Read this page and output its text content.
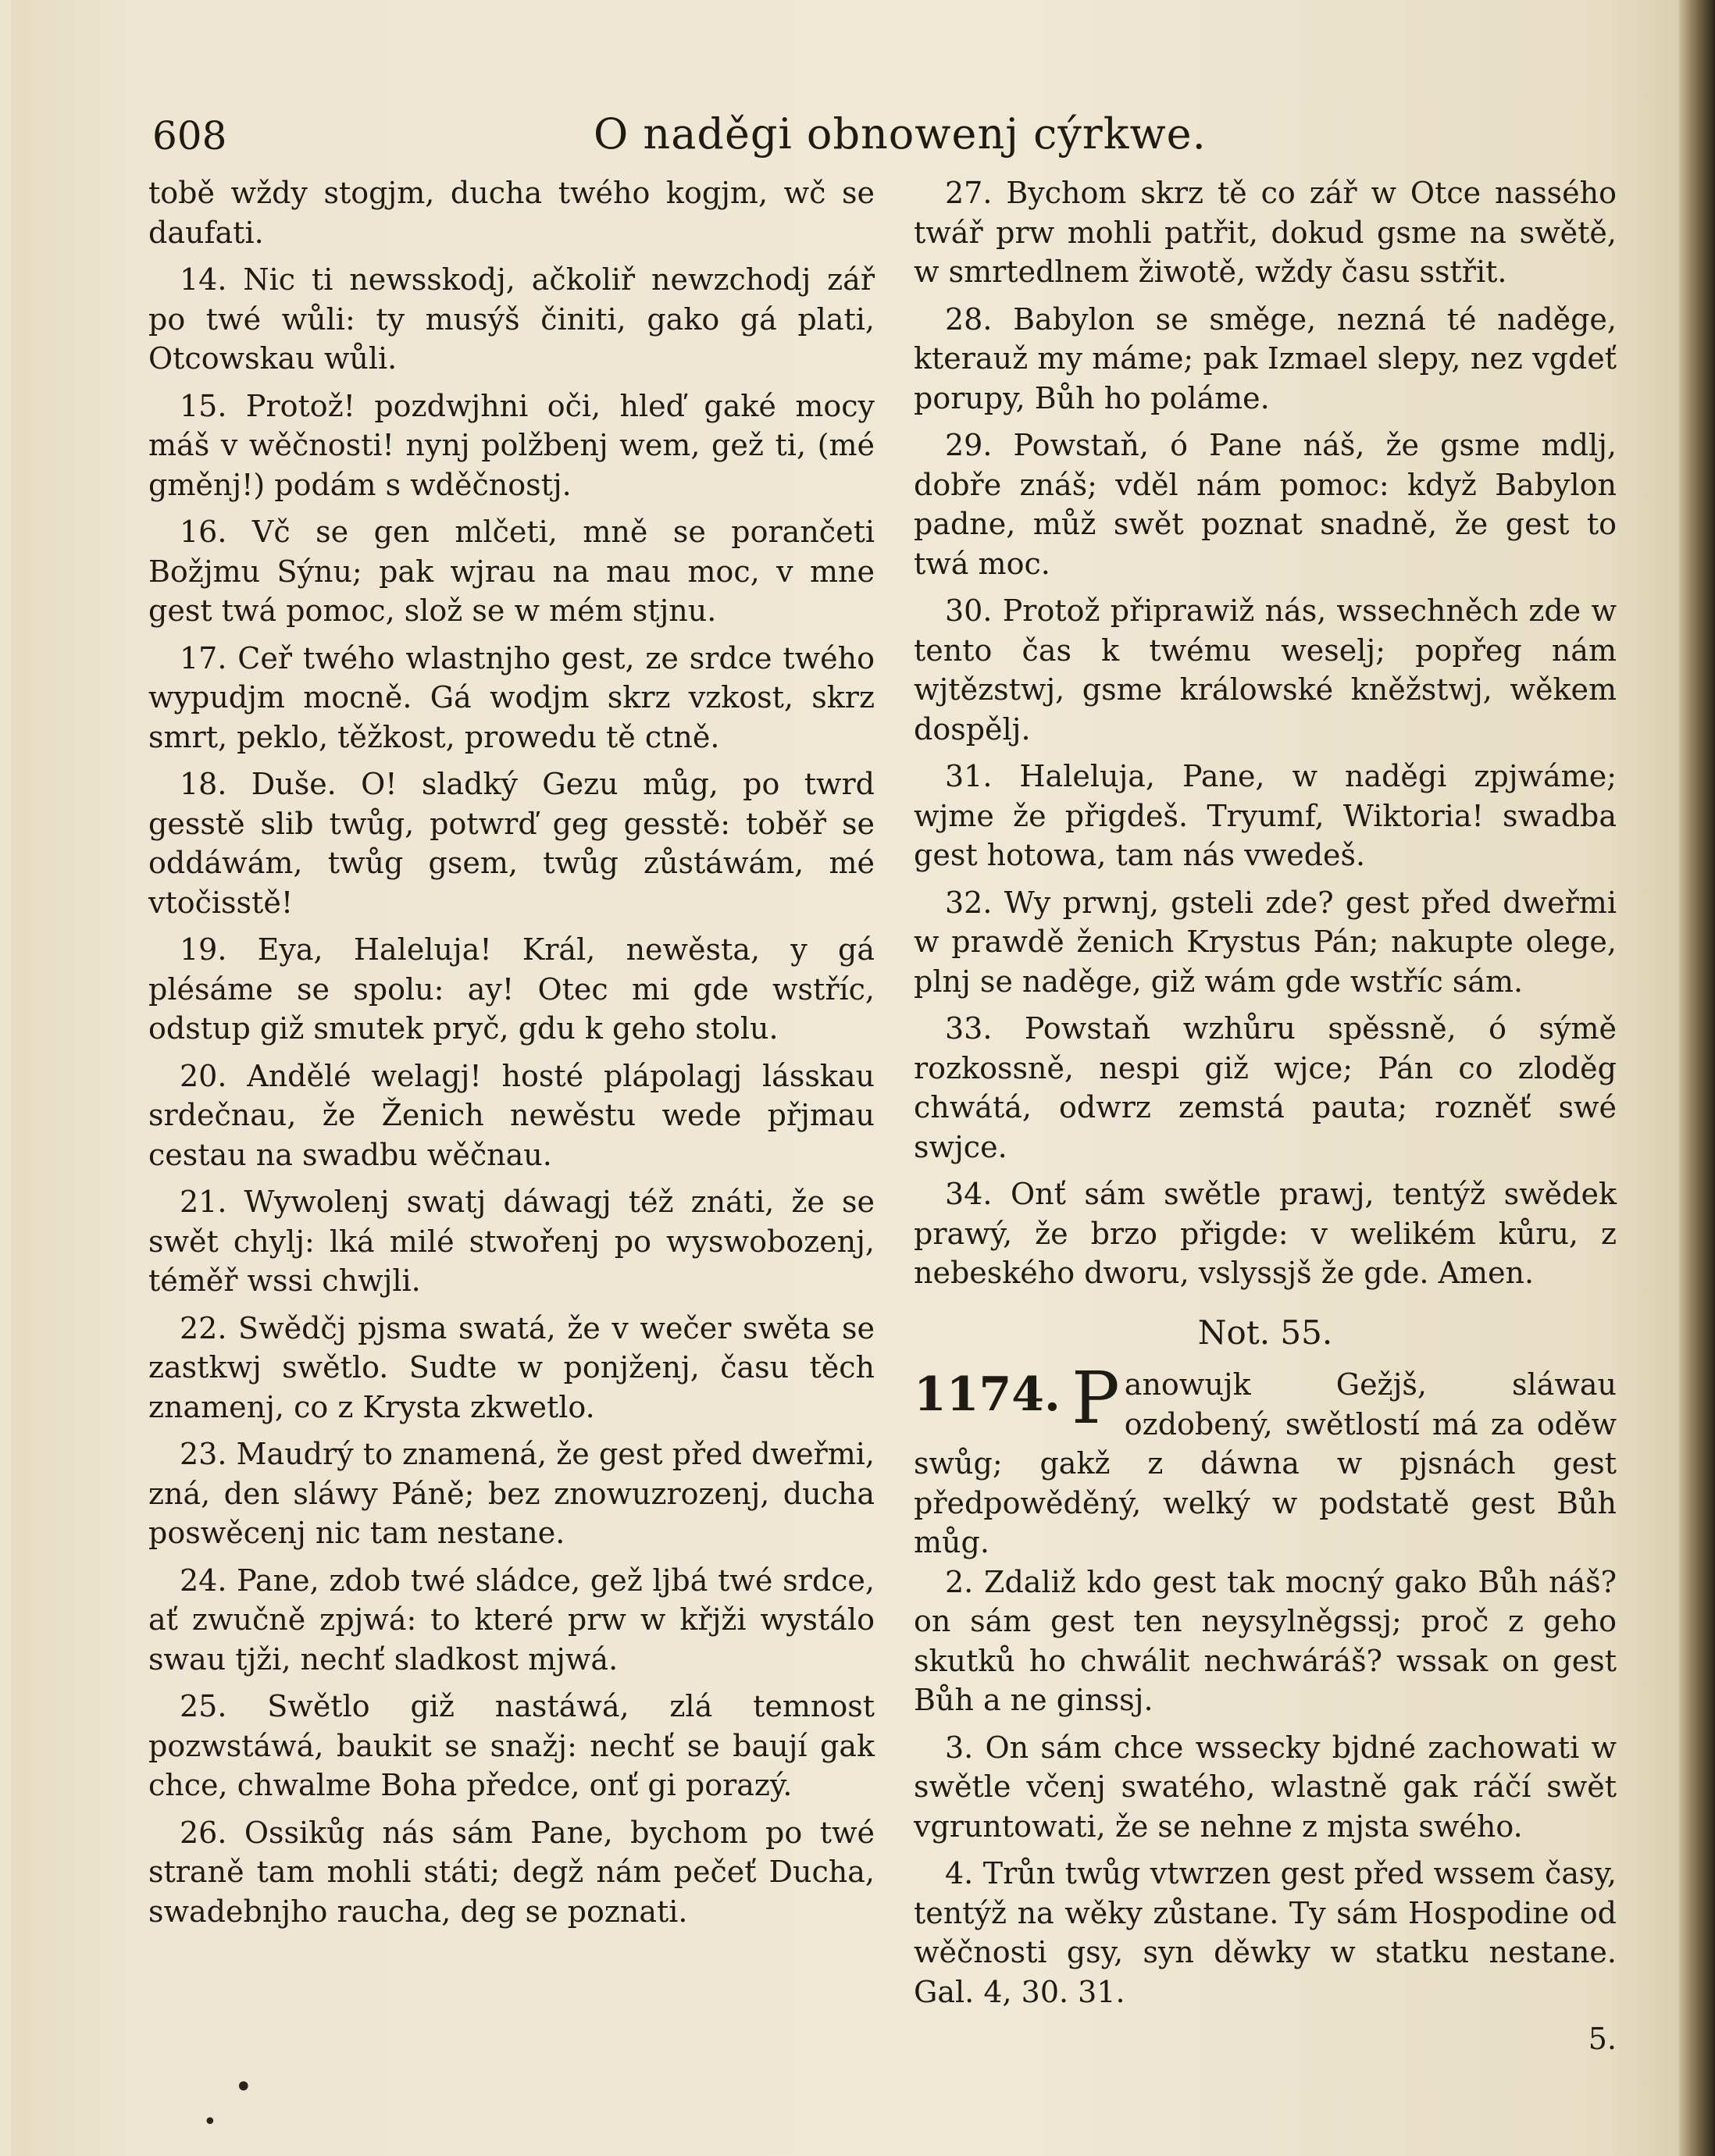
608	O naděgi obnowenj cýrkwe.

tobě wždy stogjm, ducha twého kogjm, wč se daufati.

14. Nic ti newsskodj, ačkoliř newzchodj zář po twé wůli: ty musýš činiti, gako gá plati, Otcowskau wůli.

15. Protož! pozdwjhni oči, hleď gaké mocy máš v wěčnosti! nynj polžbenj wem, gež ti, (mé gměnj!) podám s wděčnostj.

16. Vč se gen mlčeti, mně se porančeti Božjmu Sýnu; pak wjrau na mau moc, v mne gest twá pomoc, slož se w mém stjnu.

17. Ceř twého wlastnjho gest, ze srdce twého wypudjm mocně. Gá wodjm skrz vzkost, skrz smrt, peklo, těžkost, prowedu tě ctně.

18. Duše. O! sladký Gezu můg, po twrd gesstě slib twůg, potwrď geg gesstě: toběř se oddáwám, twůg gsem, twůg zůstáwám, mé vtočisstě!

19. Eya, Haleluja! Král, newěsta, y gá plésáme se spolu: ay! Otec mi gde wstříc, odstup giž smutek pryč, gdu k geho stolu.

20. Andělé welagj! hosté plápolagj lásskau srdečnau, že Ženich newěstu wede přjmau cestau na swadbu wěčnau.

21. Wywolenj swatj dáwagj též znáti, že se swět chylj: lká milé stwořenj po wyswobozenj, téměř wssi chwjli.

22. Swědčj pjsma swatá, že v wečer swěta se zastkwj swětlo. Sudte w ponjženj, času těch znamenj, co z Krysta zkwetlo.

23. Maudrý to znamená, že gest před dweřmi, zná, den sláwy Páně; bez znowuzrozenj, ducha poswěcenj nic tam nestane.

24. Pane, zdob twé sládce, gež ljbá twé srdce, ať zwučně zpjwá: to které prw w křjži wystálo swau tjži, nechť sladkost mjwá.

25. Swětlo giž nastáwá, zlá temnost pozwstáwá, baukit se snažj: nechť se baují gak chce, chwalme Boha předce, onť gi porazý.

26. Ossikůg nás sám Pane, bychom po twé straně tam mohli státi; degž nám pečeť Ducha, swadebnjho raucha, deg se poznati.

27. Bychom skrz tě co zář w Otce nassého twář prw mohli patřit, dokud gsme na swětě, w smrtedlnem žiwotě, wždy času sstřit.

28. Babylon se směge, nezná té naděge, kterauž my máme; pak Izmael slepy, nez vgdeť porupy, Bůh ho poláme.

29. Powstaň, ó Pane náš, že gsme mdlj, dobře znáš; vděl nám pomoc: když Babylon padne, můž swět poznat snadně, že gest to twá moc.

30. Protož připrawiž nás, wssechněch zde w tento čas k twému weselj; popřeg nám wjtězstwj, gsme králowské kněžstwj, wěkem dospělj.

31. Haleluja, Pane, w naděgi zpjwáme; wjme že přigdeš. Tryumf, Wiktoria! swadba gest hotowa, tam nás vwedeš.

32. Wy prwnj, gsteli zde? gest před dweřmi w prawdě ženich Krystus Pán; nakupte olege, plnj se naděge, giž wám gde wstříc sám.

33. Powstaň wzhůru spěssně, ó sýmě rozkossně, nespi giž wjce; Pán co zloděg chwátá, odwrz zemstá pauta; rozněť swé swjce.

34. Onť sám swětle prawj, tentýž swědek prawý, že brzo přigde: v welikém kůru, z nebeského dworu, vslyssjš že gde. Amen.

Not. 55.

1174. P anowujk Gežjš, sláwau ozdobený, swětlostí má za oděw swůg; gakž z dáwna w pjsnách gest předpowěděný, welký w podstatě gest Bůh můg.

2. Zdaliž kdo gest tak mocný gako Bůh náš? on sám gest ten neysylněgssj; proč z geho skutků ho chwálit nechwáráš? wssak on gest Bůh a ne ginssj.

3. On sám chce wssecky bjdné zachowati w swětle včenj swatého, wlastně gak ráčí swět vgruntowati, že se nehne z mjsta swého.

4. Trůn twůg vtwrzen gest před wssem časy, tentýž na wěky zůstane. Ty sám Hospodine od wěčnosti gsy, syn děwky w statku nestane. Gal. 4, 30. 31.

5.
•
•
